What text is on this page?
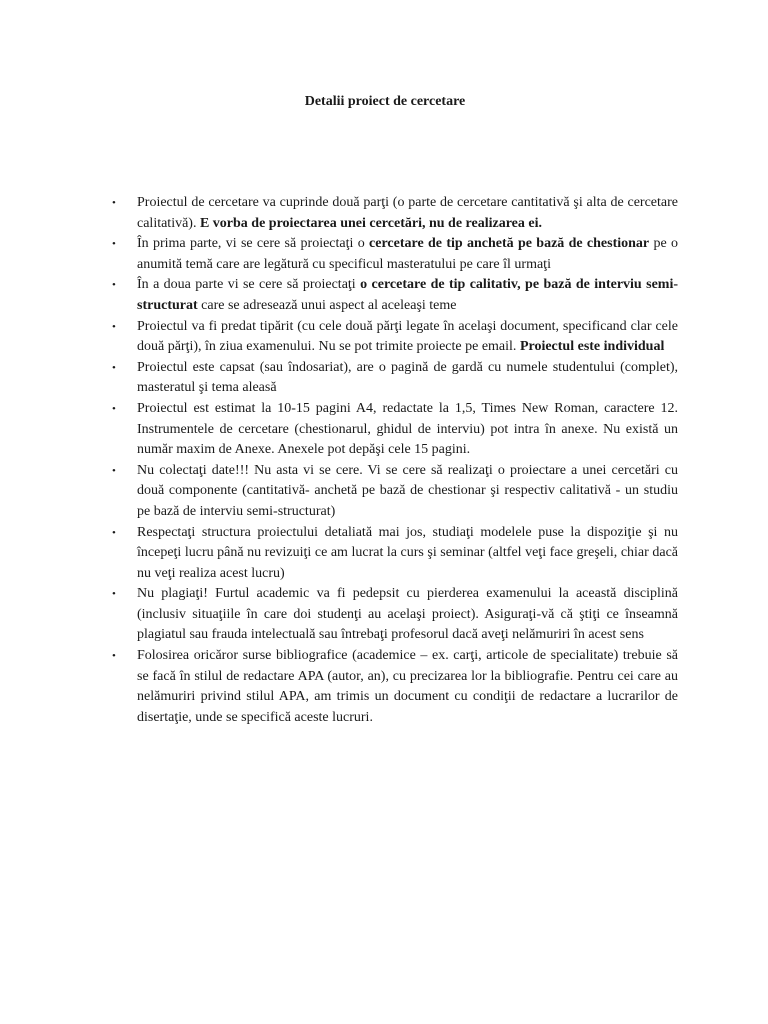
Detalii proiect de cercetare
• Proiectul de cercetare va cuprinde două parţi (o parte de cercetare cantitativă şi alta de cercetare calitativă). E vorba de proiectarea unei cercetări, nu de realizarea ei.
• În prima parte, vi se cere să proiectaţi o cercetare de tip anchetă pe bază de chestionar pe o anumită temă care are legătură cu specificul masteratului pe care îl urmaţi
• În a doua parte vi se cere să proiectaţi o cercetare de tip calitativ, pe bază de interviu semi-structurat care se adresează unui aspect al aceleaşi teme
• Proiectul va fi predat tipărit (cu cele două părţi legate în acelaşi document, specificand clar cele două părţi), în ziua examenului. Nu se pot trimite proiecte pe email. Proiectul este individual
• Proiectul este capsat (sau îndosariat), are o pagină de gardă cu numele studentului (complet), masteratul şi tema aleasă
• Proiectul est estimat la 10-15 pagini A4, redactate la 1,5, Times New Roman, caractere 12. Instrumentele de cercetare (chestionarul, ghidul de interviu) pot intra în anexe. Nu există un număr maxim de Anexe. Anexele pot depăşi cele 15 pagini.
• Nu colectaţi date!!! Nu asta vi se cere. Vi se cere să realizaţi o proiectare a unei cercetări cu două componente (cantitativă- anchetă pe bază de chestionar şi respectiv calitativă - un studiu pe bază de interviu semi-structurat)
• Respectaţi structura proiectului detaliată mai jos, studiaţi modelele puse la dispoziţie şi nu începeţi lucru până nu revizuiţi ce am lucrat la curs şi seminar (altfel veţi face greşeli, chiar dacă nu veţi realiza acest lucru)
• Nu plagiaţi! Furtul academic va fi pedepsit cu pierderea examenului la această disciplină (inclusiv situaţiile în care doi studenţi au acelaşi proiect). Asiguraţi-vă că ştiţi ce înseamnă plagiatul sau frauda intelectuală sau întrebaţi profesorul dacă aveţi nelămuriri în acest sens
• Folosirea oricăror surse bibliografice (academice – ex. carţi, articole de specialitate) trebuie să se facă în stilul de redactare APA (autor, an), cu precizarea lor la bibliografie. Pentru cei care au nelămuriri privind stilul APA, am trimis un document cu condiţii de redactare a lucrarilor de disertaţie, unde se specifică aceste lucruri.
